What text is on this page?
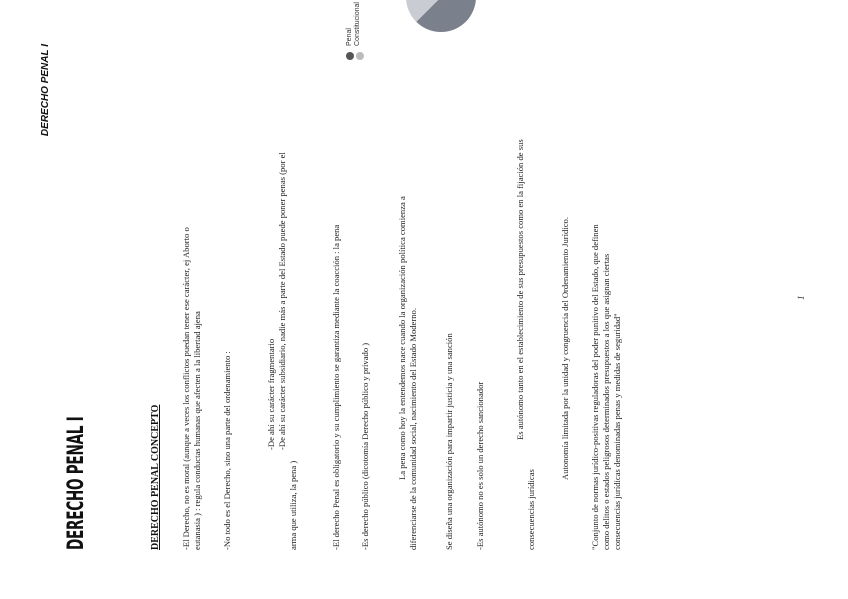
Penal Constitucional
DERECHO PENAL I
DERECHO PENAL I	DERECHO PENAL CONCEPTO -El Derecho, no es moral (aunque a veces los conflictos puedan tener ese carácter, ej Aborto o eutanasia ) : regula conductas humanas que afecten a la libertad ajena -No todo es el Derecho, sino una parte del ordenamiento :	-De ahí su carácter fragmentario -De ahí su carácter subsidiario, nadie más a parte del Estado puede poner penas (por el
arma que utiliza, la pena )	-El derecho Penal es obligatorio y su cumplimiento se garantiza mediante la coacción : la pena -Es derecho público (dicotomía Derecho público y privado )	La pena como hoy la entendemos nace cuando la organización política comienza a diferenciarse de la comunidad social, nacimiento del Estado Moderno.	Se diseña una organización para impartir justicia y una sanción -Es autónomo no es solo un derecho sancionador
Es autónomo tanto en el establecimiento de sus presupuestos como en la fijación de sus
consecuencias jurídicas
Autonomía limitada por la unidad y congruencia del Ordenamiento Jurídico. "Conjunto de normas jurídico-positivas reguladoras del poder punitivo del Estado, que definen como delitos o estados peligrosos determinados presupuestos a los que asignan ciertas consecuencias jurídicas denominadas penas y medidas de seguridad"
1
